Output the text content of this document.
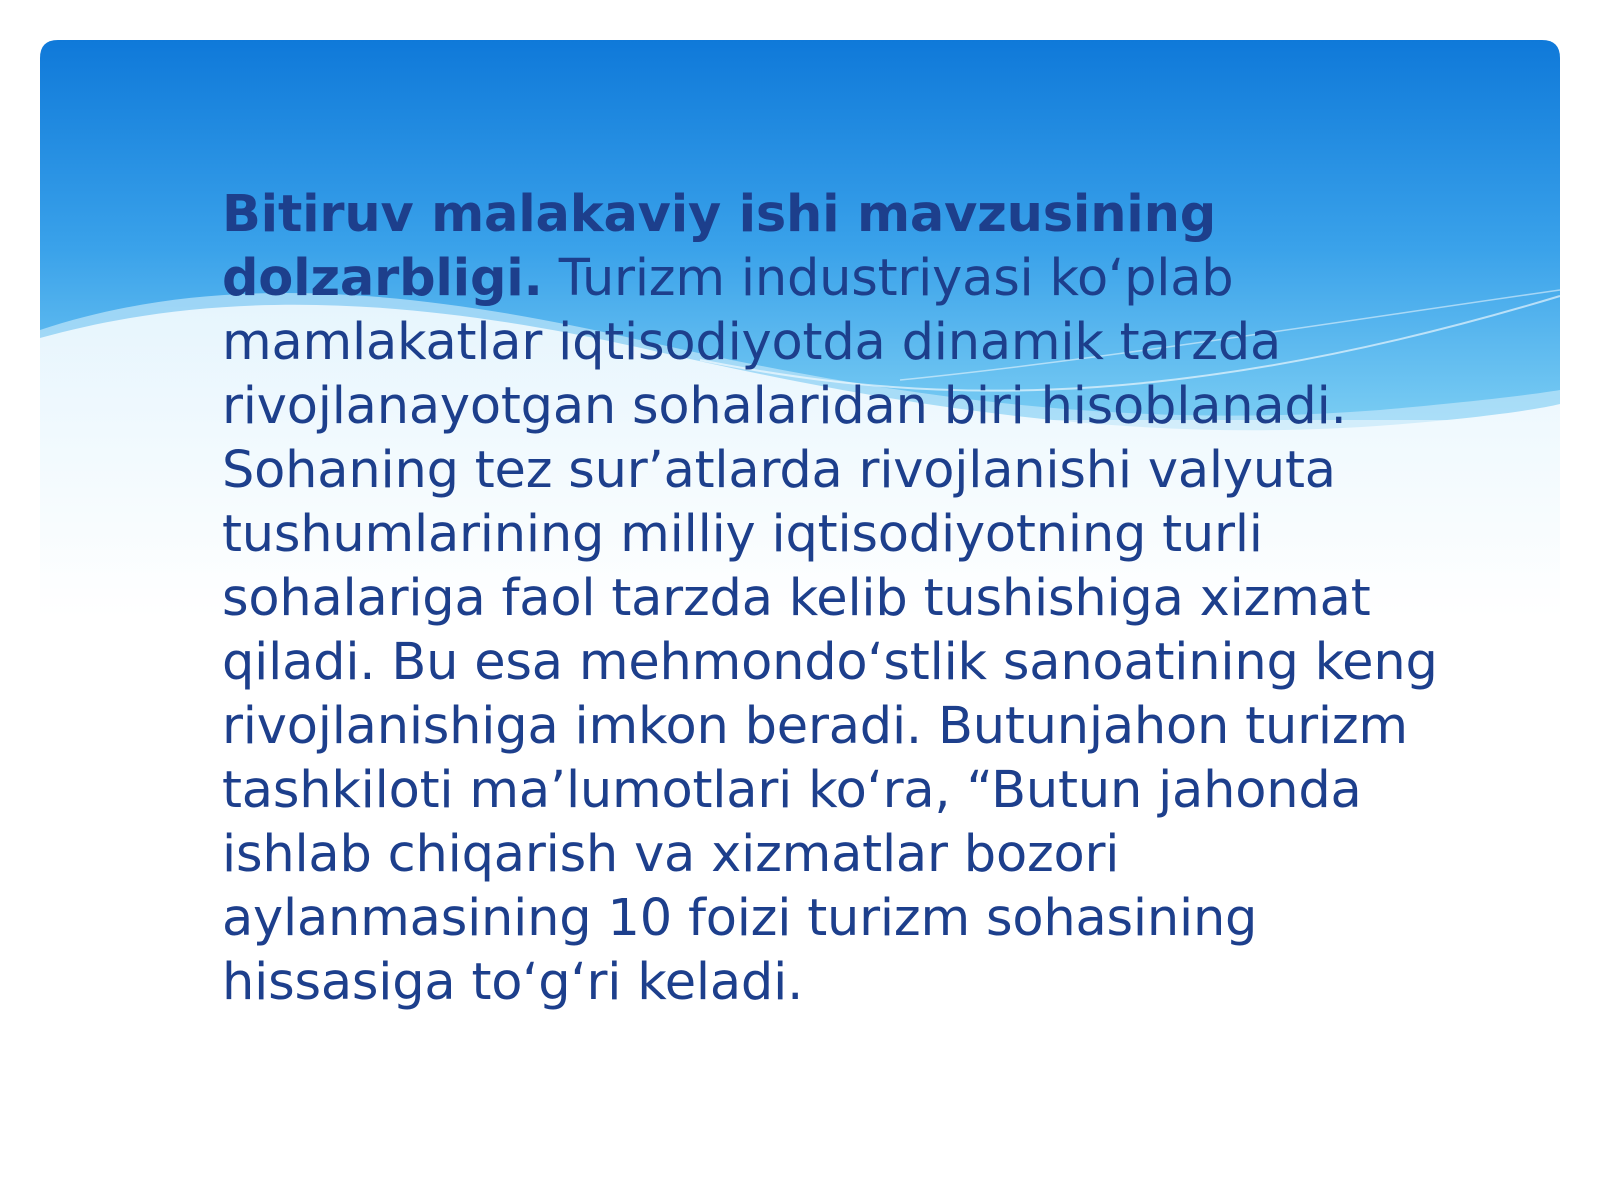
Bitiruv malakaviy ishi mavzusining dolzarbligi. Turizm industriyasi ko‘plab mamlakatlar iqtisodiyotda dinamik tarzda rivojlanayotgan sohalaridan biri hisoblanadi. Sohaning tez sur’atlarda rivojlanishi valyuta tushumlarining milliy iqtisodiyotning turli sohalariga faol tarzda kelib tushishiga xizmat qiladi. Bu esa mehmondo‘stlik sanoatining keng rivojlanishiga imkon beradi. Butunjahon turizm tashkiloti ma’lumotlari ko‘ra, “Butun jahonda ishlab chiqarish va xizmatlar bozori aylanmasining 10 foizi turizm sohasining hissasiga to‘g‘ri keladi.
